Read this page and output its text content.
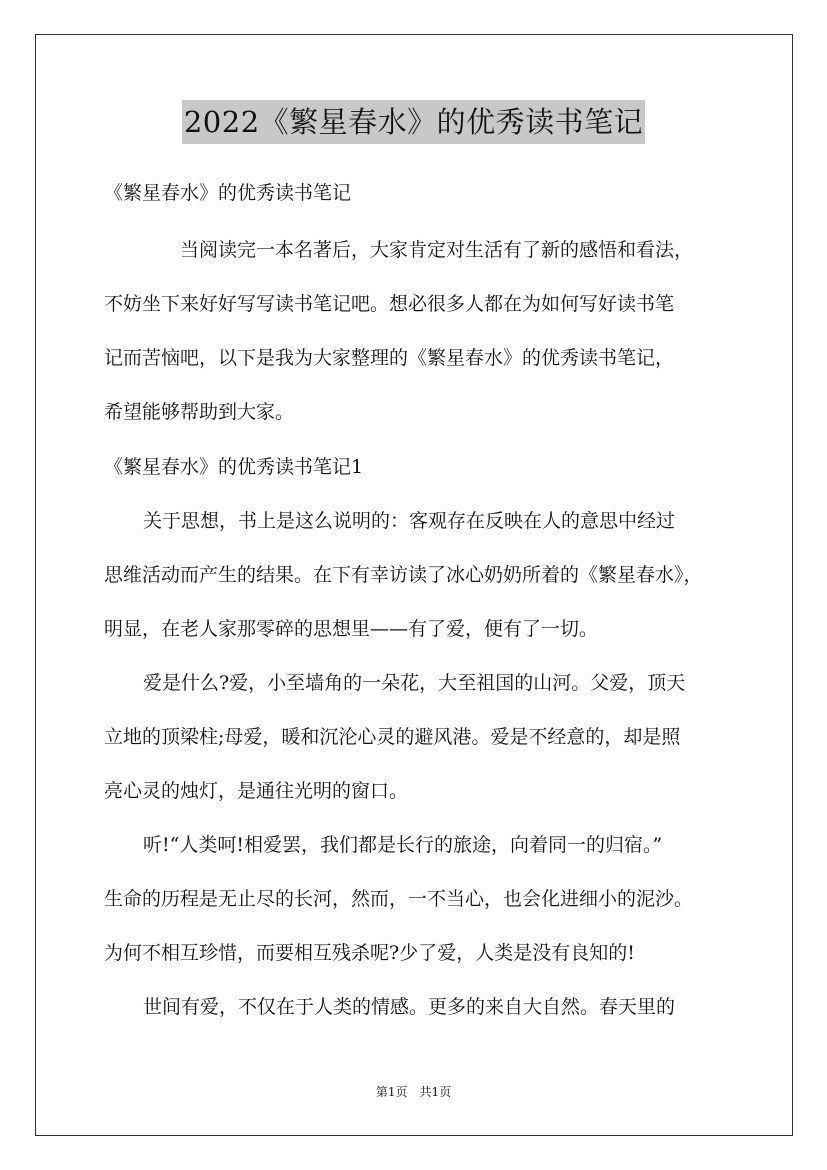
2022《繁星春水》的优秀读书笔记
《繁星春水》的优秀读书笔记
当阅读完一本名著后，大家肯定对生活有了新的感悟和看法，
不妨坐下来好好写写读书笔记吧。想必很多人都在为如何写好读书笔
记而苦恼吧，以下是我为大家整理的《繁星春水》的优秀读书笔记，
希望能够帮助到大家。
《繁星春水》的优秀读书笔记1
关于思想，书上是这么说明的：客观存在反映在人的意思中经过
思维活动而产生的结果。在下有幸访读了冰心奶奶所着的《繁星春水》，
明显，在老人家那零碎的思想里——有了爱，便有了一切。
爱是什么?爱，小至墙角的一朵花，大至祖国的山河。父爱，顶天
立地的顶梁柱;母爱，暖和沉沦心灵的避风港。爱是不经意的，却是照
亮心灵的烛灯，是通往光明的窗口。
听!“人类呵!相爱罢，我们都是长行的旅途，向着同一的归宿。”
生命的历程是无止尽的长河，然而，一不当心，也会化进细小的泥沙。
为何不相互珍惜，而要相互残杀呢?少了爱，人类是没有良知的!
世间有爱，不仅在于人类的情感。更多的来自大自然。春天里的
第1页 共1页
